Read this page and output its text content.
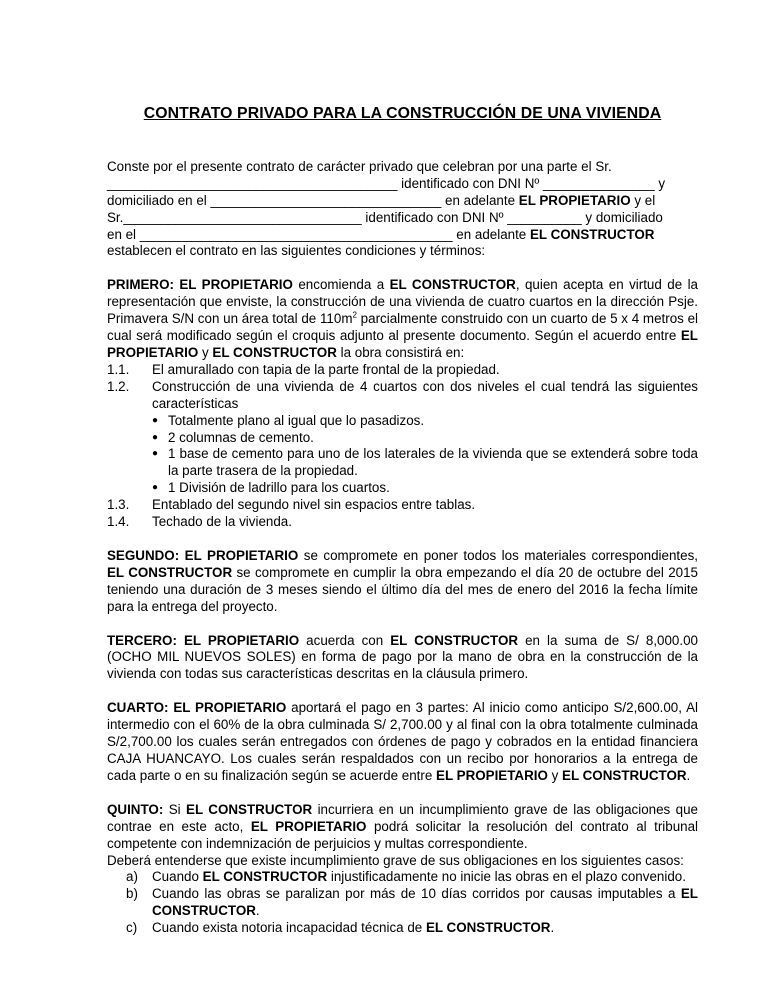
CONTRATO PRIVADO PARA LA CONSTRUCCIÓN DE UNA VIVIENDA

Conste por el presente contrato de carácter privado que celebran por una parte el Sr.

_______________________________________ identificado con DNI Nº _______________ y

domiciliado en el _______________________________ en adelante EL PROPIETARIO y el

Sr.________________________________ identificado con DNI Nº __________ y domiciliado

en el __________________________________________ en adelante EL CONSTRUCTOR

establecen el contrato en las siguientes condiciones y términos:

PRIMERO: EL PROPIETARIO encomienda a EL CONSTRUCTOR, quien acepta en virtud de la representación que enviste, la construcción de una vivienda de cuatro cuartos en la dirección Psje. Primavera S/N con un área total de $110m^2$ parcialmente construido con un cuarto de 5 x 4 metros el cual será modificado según el croquis adjunto al presente documento. Según el acuerdo entre EL PROPIETARIO y EL CONSTRUCTOR la obra consistirá en:

1.1.	El amurallado con tapia de la parte frontal de la propiedad.
1.2.	Construcción de una vivienda de 4 cuartos con dos niveles el cual tendrá las siguientes características
● Totalmente plano al igual que lo pasadizos.
● 2 columnas de cemento.
● 1 base de cemento para uno de los laterales de la vivienda que se extenderá sobre toda la parte trasera de la propiedad.
● 1 División de ladrillo para los cuartos.
1.3.	Entablado del segundo nivel sin espacios entre tablas.
1.4.	Techado de la vivienda.

SEGUNDO: EL PROPIETARIO se compromete en poner todos los materiales correspondientes, EL CONSTRUCTOR se compromete en cumplir la obra empezando el día 20 de octubre del 2015 teniendo una duración de 3 meses siendo el último día del mes de enero del 2016 la fecha límite para la entrega del proyecto.

TERCERO: EL PROPIETARIO acuerda con EL CONSTRUCTOR en la suma de S/ 8,000.00 (OCHO MIL NUEVOS SOLES) en forma de pago por la mano de obra en la construcción de la vivienda con todas sus características descritas en la cláusula primero.

CUARTO: EL PROPIETARIO aportará el pago en 3 partes: Al inicio como anticipo S/2,600.00, Al intermedio con el 60% de la obra culminada S/ 2,700.00 y al final con la obra totalmente culminada S/2,700.00 los cuales serán entregados con órdenes de pago y cobrados en la entidad financiera CAJA HUANCAYO. Los cuales serán respaldados con un recibo por honorarios a la entrega de cada parte o en su finalización según se acuerde entre EL PROPIETARIO y EL CONSTRUCTOR.

QUINTO: Si EL CONSTRUCTOR incurriera en un incumplimiento grave de las obligaciones que contrae en este acto, EL PROPIETARIO podrá solicitar la resolución del contrato al tribunal competente con indemnización de perjuicios y multas correspondiente.

Deberá entenderse que existe incumplimiento grave de sus obligaciones en los siguientes casos:

a)	Cuando EL CONSTRUCTOR injustificadamente no inicie las obras en el plazo convenido.
b)	Cuando las obras se paralizan por más de 10 días corridos por causas imputables a EL CONSTRUCTOR.
c)	Cuando exista notoria incapacidad técnica de EL CONSTRUCTOR.
